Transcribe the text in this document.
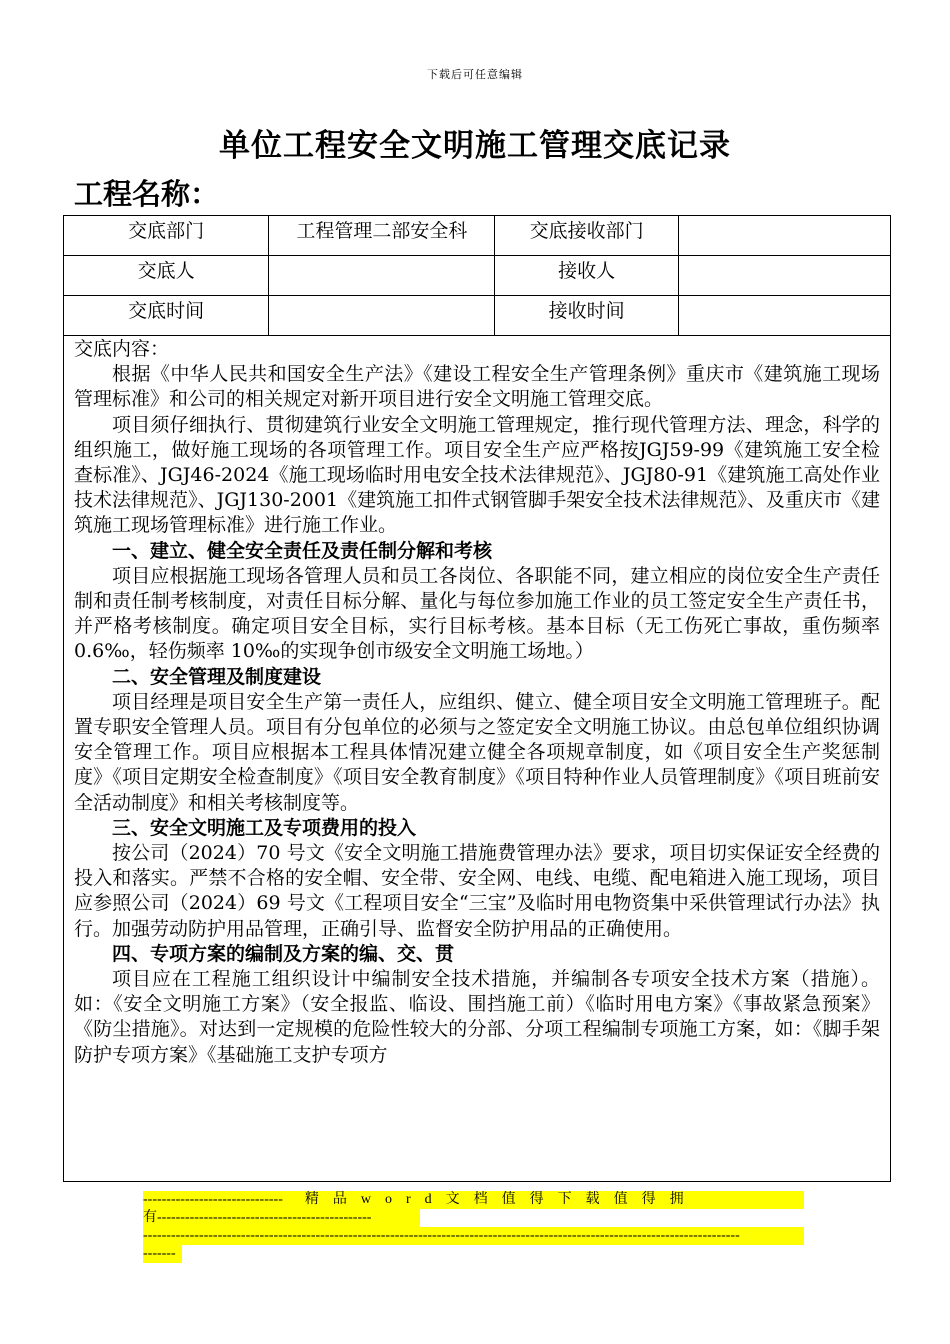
下载后可任意编辑
单位工程安全文明施工管理交底记录
工程名称：
交底部门	工程管理二部安全科	交底接收部门	
交底人		接收人	
交底时间		接收时间	

交底内容：

根据《中华人民共和国安全生产法》《建设工程安全生产管理条例》重庆市《建筑施工现场管理标准》和公司的相关规定对新开项目进行安全文明施工管理交底。

项目须仔细执行、贯彻建筑行业安全文明施工管理规定，推行现代管理方法、理念，科学的组织施工，做好施工现场的各项管理工作。项目安全生产应严格按JGJ59-99《建筑施工安全检查标准》、JGJ46-2024《施工现场临时用电安全技术法律规范》、JGJ80-91《建筑施工高处作业技术法律规范》、JGJ130-2001《建筑施工扣件式钢管脚手架安全技术法律规范》、及重庆市《建筑施工现场管理标准》进行施工作业。

一、建立、健全安全责任及责任制分解和考核

项目应根据施工现场各管理人员和员工各岗位、各职能不同，建立相应的岗位安全生产责任制和责任制考核制度，对责任目标分解、量化与每位参加施工作业的员工签定安全生产责任书，并严格考核制度。确定项目安全目标，实行目标考核。基本目标（无工伤死亡事故，重伤频率 0.6‰，轻伤频率 10‰的实现争创市级安全文明施工场地。）

二、安全管理及制度建设

项目经理是项目安全生产第一责任人，应组织、健立、健全项目安全文明施工管理班子。配置专职安全管理人员。项目有分包单位的必须与之签定安全文明施工协议。由总包单位组织协调安全管理工作。项目应根据本工程具体情况建立健全各项规章制度，如《项目安全生产奖惩制度》《项目定期安全检查制度》《项目安全教育制度》《项目特种作业人员管理制度》《项目班前安全活动制度》和相关考核制度等。

三、安全文明施工及专项费用的投入

按公司（2024）70 号文《安全文明施工措施费管理办法》要求，项目切实保证安全经费的投入和落实。严禁不合格的安全帽、安全带、安全网、电线、电缆、配电箱进入施工现场，项目应参照公司（2024）69 号文《工程项目安全“三宝”及临时用电物资集中采供管理试行办法》执行。加强劳动防护用品管理，正确引导、监督安全防护用品的正确使用。

四、专项方案的编制及方案的编、交、贯

项目应在工程施工组织设计中编制安全技术措施，并编制各专项安全技术方案（措施）。如：《安全文明施工方案》（安全报监、临设、围挡施工前）《临时用电方案》《事故紧急预案》《防尘措施》。对达到一定规模的危险性较大的分部、分项工程编制专项施工方案，如：《脚手架防护专项方案》《基础施工支护专项方

------------------------------ 精品word文档值得下载值得拥
有----------------------------------------------
--------------------------------------------------------------------------------------------------------------------------------
-------
